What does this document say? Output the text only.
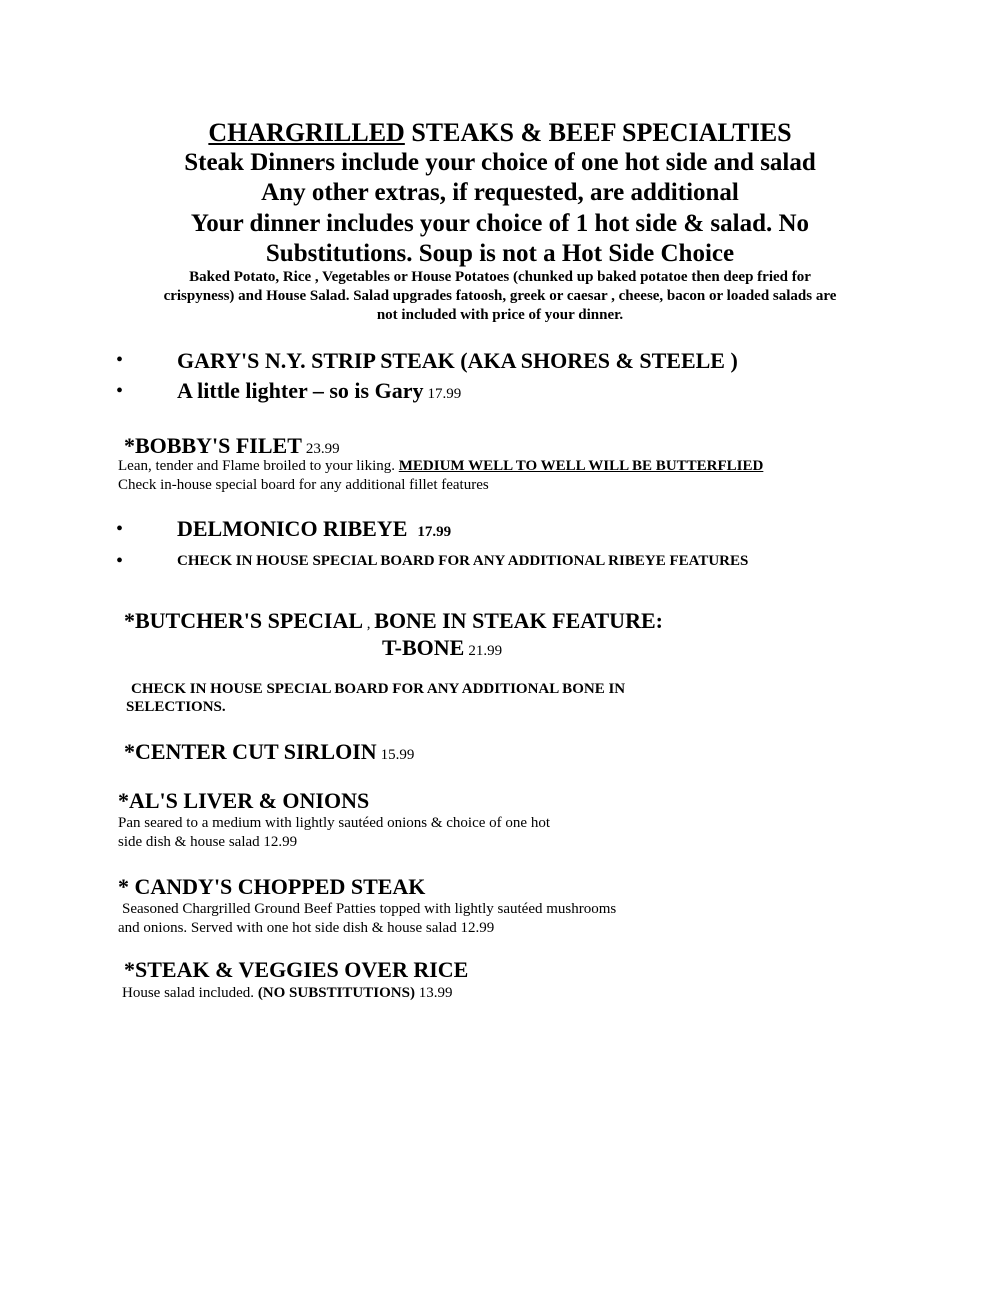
CHARGRILLED STEAKS & BEEF SPECIALTIES
Steak Dinners include your choice of one hot side and salad
Any other extras, if requested, are additional
Your dinner includes your choice of 1 hot side & salad. No
Substitutions. Soup is not a Hot Side Choice
Baked Potato, Rice , Vegetables or House Potatoes (chunked up baked potatoe then deep fried for
crispyness) and House Salad. Salad upgrades fatoosh, greek or caesar , cheese, bacon or loaded salads are
not included with price of your dinner.
• GARY'S N.Y. STRIP STEAK (AKA SHORES & STEELE )
• A little lighter – so is Gary 17.99
*BOBBY'S FILET 23.99
Lean, tender and Flame broiled to your liking. MEDIUM WELL TO WELL WILL BE BUTTERFLIED
Check in-house special board for any additional fillet features
• DELMONICO RIBEYE 17.99
•	CHECK IN HOUSE SPECIAL BOARD FOR ANY ADDITIONAL RIBEYE FEATURES
*BUTCHER'S SPECIAL , BONE IN STEAK FEATURE:
T-BONE 21.99
CHECK IN HOUSE SPECIAL BOARD FOR ANY ADDITIONAL BONE IN
SELECTIONS.
*CENTER CUT SIRLOIN 15.99
*AL'S LIVER & ONIONS
Pan seared to a medium with lightly sautéed onions & choice of one hot
side dish & house salad 12.99
* CANDY'S CHOPPED STEAK
Seasoned Chargrilled Ground Beef Patties topped with lightly sautéed mushrooms
and onions. Served with one hot side dish & house salad 12.99
*STEAK & VEGGIES OVER RICE
House salad included. (NO SUBSTITUTIONS) 13.99
